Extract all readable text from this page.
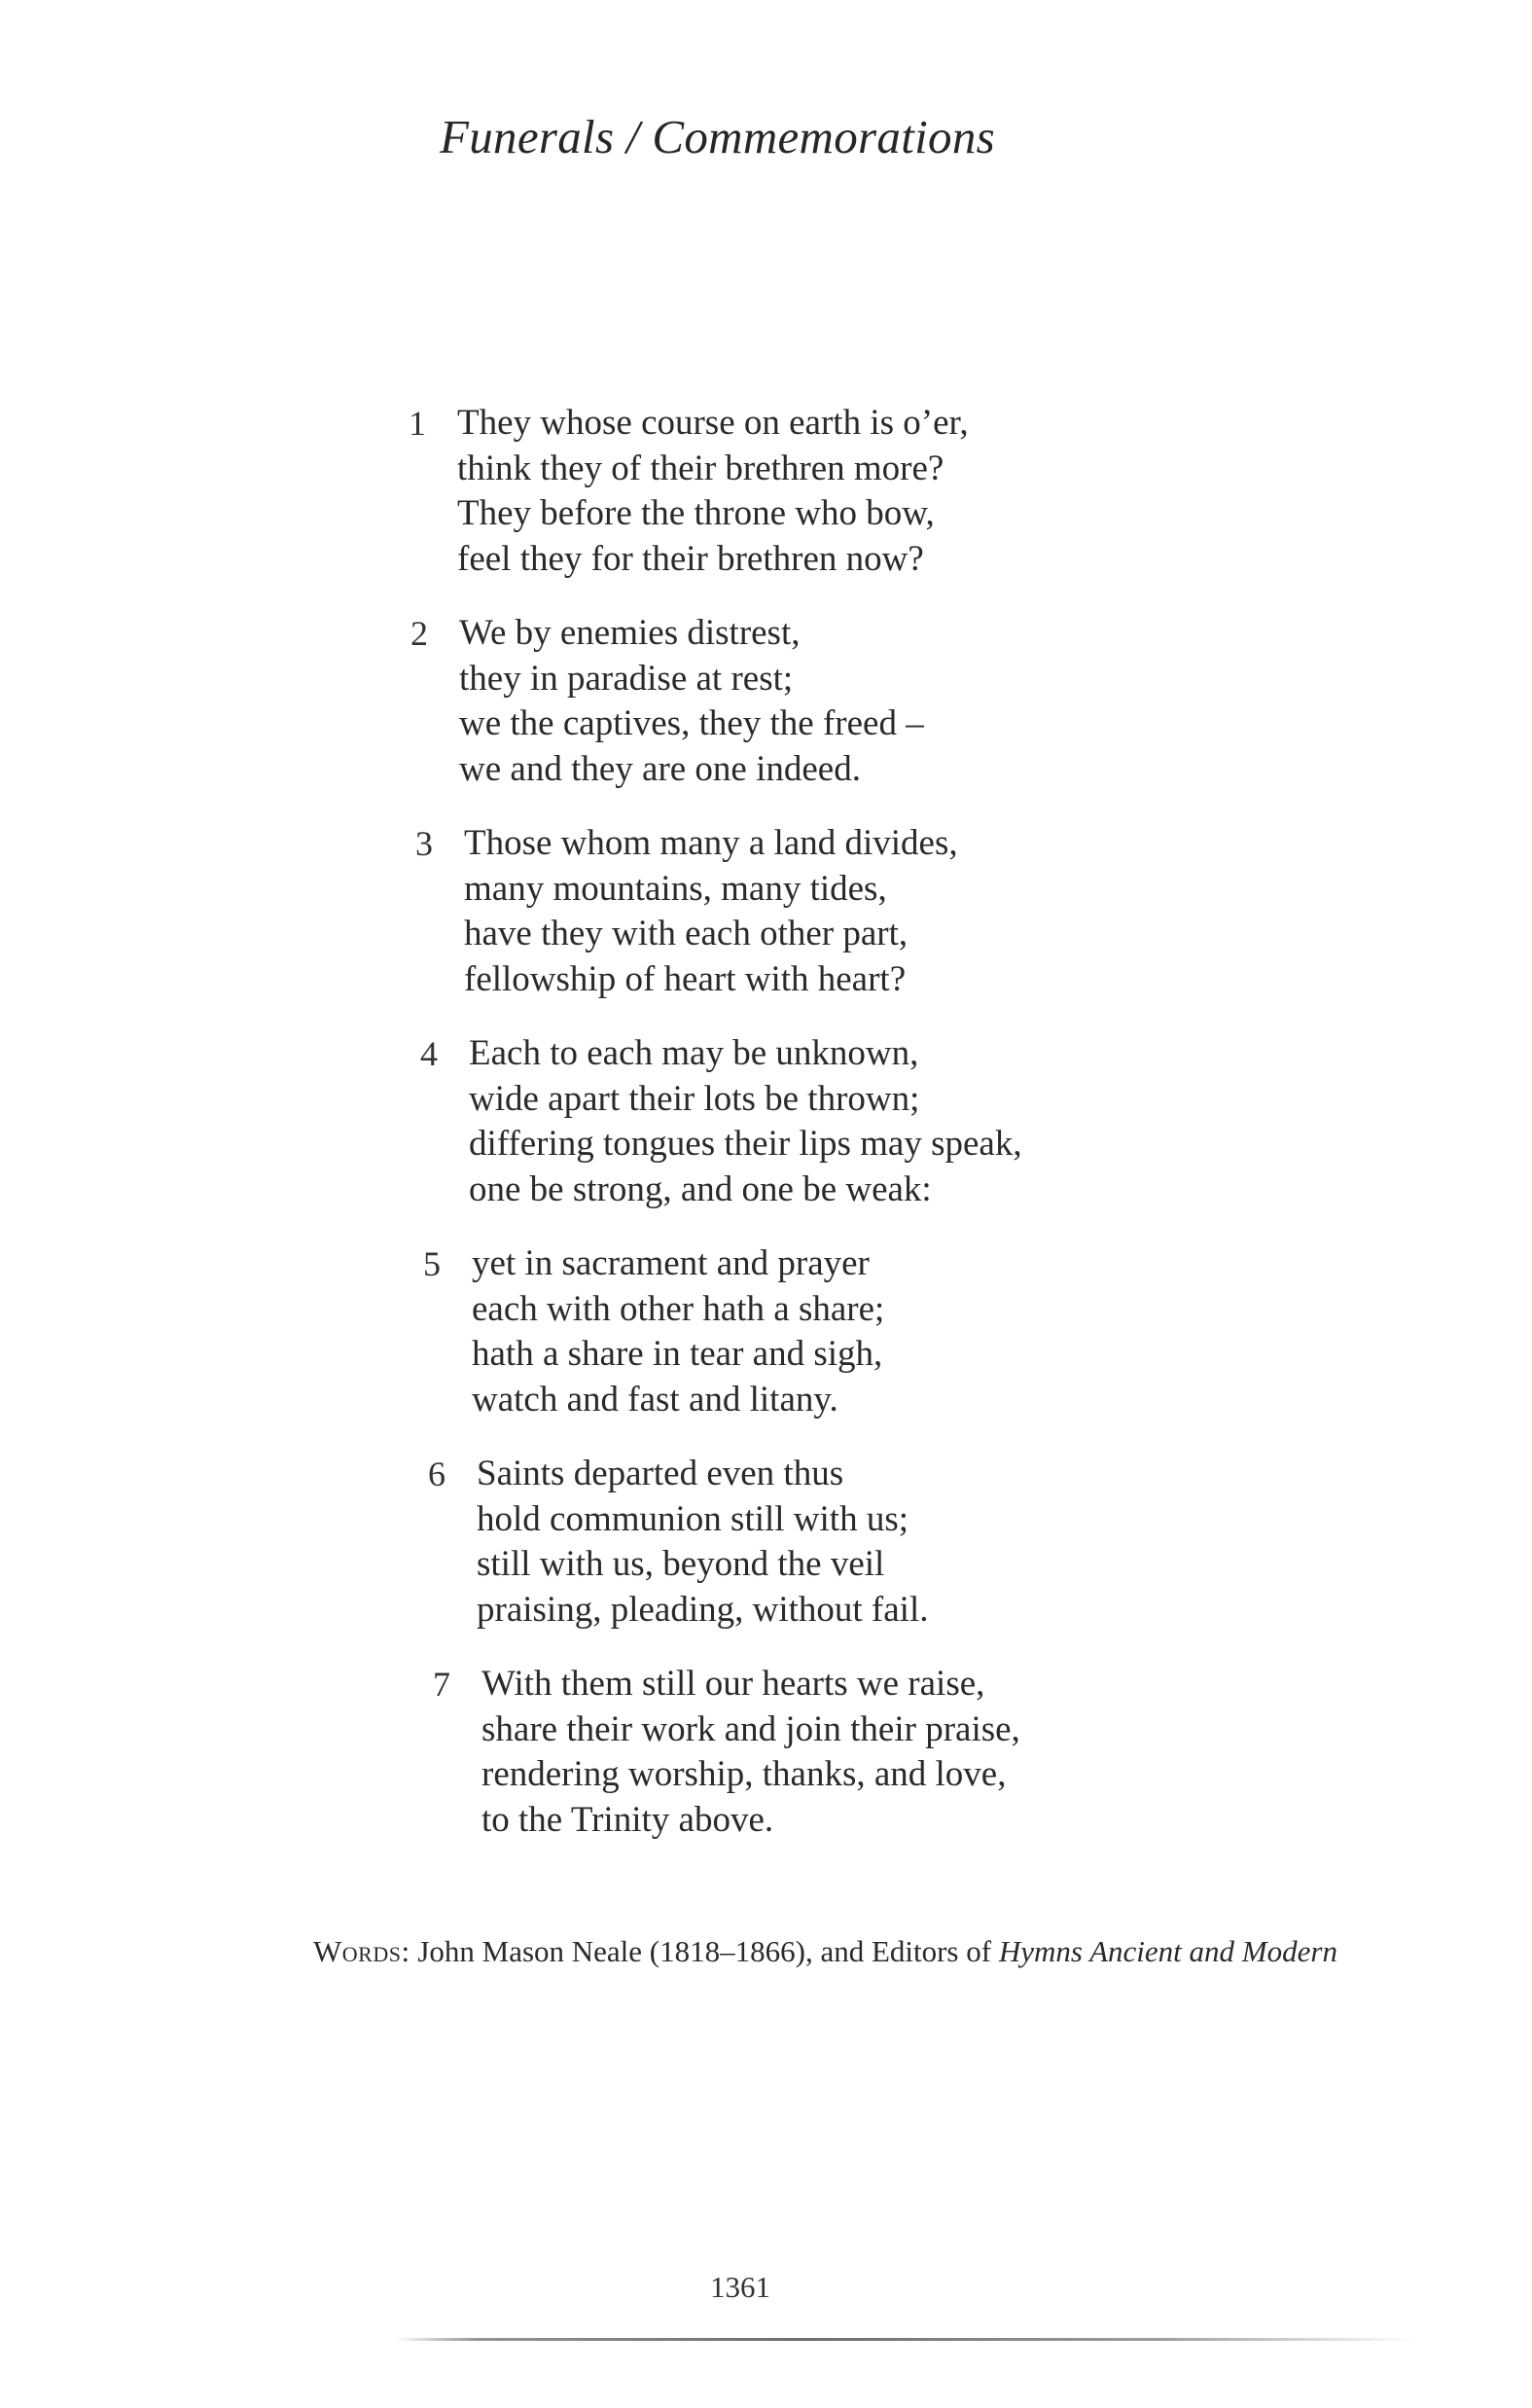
Funerals / Commemorations
1 They whose course on earth is o’er,
think they of their brethren more?
They before the throne who bow,
feel they for their brethren now?
2 We by enemies distrest,
they in paradise at rest;
we the captives, they the freed –
we and they are one indeed.
3 Those whom many a land divides,
many mountains, many tides,
have they with each other part,
fellowship of heart with heart?
4 Each to each may be unknown,
wide apart their lots be thrown;
differing tongues their lips may speak,
one be strong, and one be weak:
5 yet in sacrament and prayer
each with other hath a share;
hath a share in tear and sigh,
watch and fast and litany.
6 Saints departed even thus
hold communion still with us;
still with us, beyond the veil
praising, pleading, without fail.
7 With them still our hearts we raise,
share their work and join their praise,
rendering worship, thanks, and love,
to the Trinity above.
Words: John Mason Neale (1818–1866), and Editors of Hymns Ancient and Modern
1361
